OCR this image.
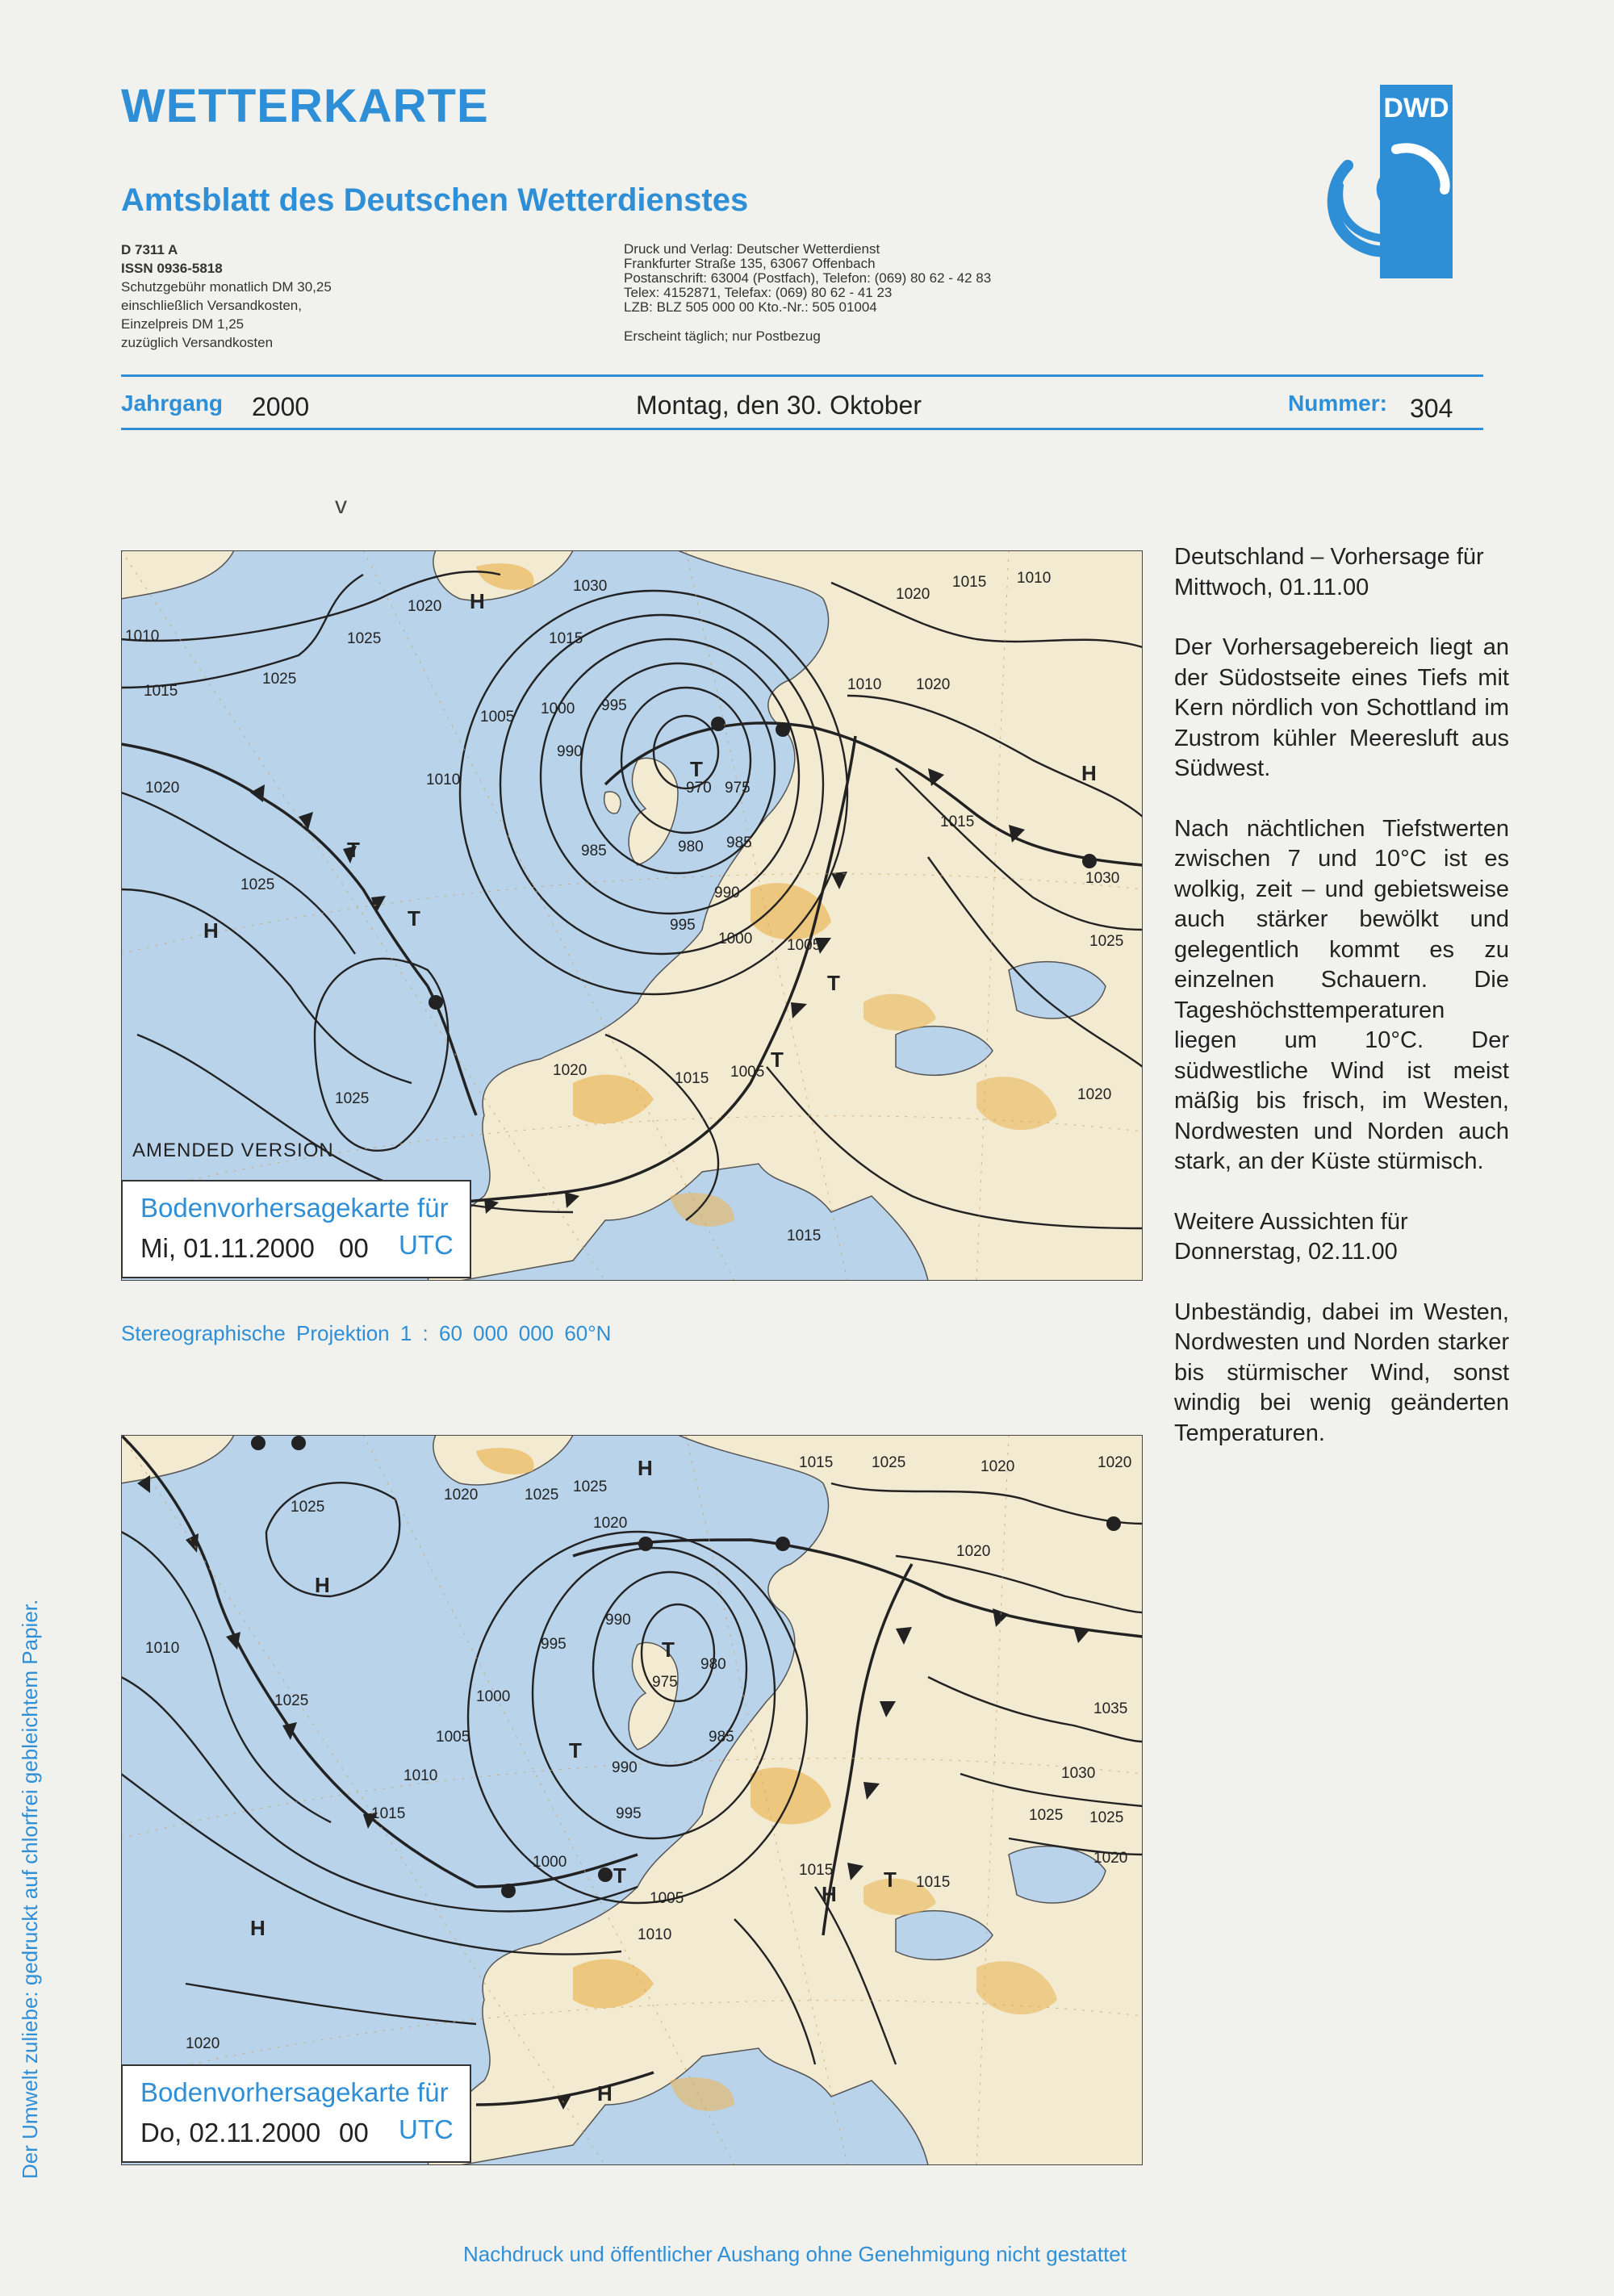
WETTERKARTE
Amtsblatt des Deutschen Wetterdienstes
D 7311 A
ISSN 0936-5818
Schutzgebühr monatlich DM 30,25
einschließlich Versandkosten,
Einzelpreis DM 1,25
zuzüglich Versandkosten
Druck und Verlag: Deutscher Wetterdienst
Frankfurter Straße 135, 63067 Offenbach
Postanschrift: 63004 (Postfach), Telefon: (069) 80 62 - 42 83
Telex: 4152871, Telefax: (069) 80 62 - 41 23
LZB: BLZ 505 000 00 Kto.-Nr.: 505 01004
Erscheint täglich; nur Postbezug
DWD
Jahrgang 2000	Montag, den 30. Oktober	Nummer: 304
v
1030	1020
1015 1010
1020
1010	1025	1015
1015
1025
1020
1005 1000 995
990
1010	970 975
985	980 985
990
995
1000 1005
1010 1020
1015
1030
1025
1020
1025
1020	1015 1005
1015
1025
H
H
H
T
T
T
T
T
AMENDED VERSION
Bodenvorhersagekarte für
Mi, 01.11.2000 00 UTC
Stereographische Projektion 1 : 60 000 000 60°N
1025
1020	1025 1025
1020
1010
1025
1015
1020
1015	1025	1020	1020
1020
990
995
980
975
1000
1005
1010
985
990
995
1000
1005
1010
1015
1015
1035
1030
1025 1025
1020
H
H
H
H
H
T
T
T	T
Bodenvorhersagekarte für
Do, 02.11.2000 00 UTC

Deutschland – Vorhersage für Mittwoch, 01.11.00

Der Vorhersagebereich liegt an der Südostseite eines Tiefs mit Kern nördlich von Schottland im Zustrom kühler Meeresluft aus Südwest.

Nach nächtlichen Tiefstwerten zwischen 7 und 10°C ist es wolkig, zeit – und gebietsweise auch stärker bewölkt und gelegentlich kommt es zu einzelnen Schauern. Die Tageshöchsttemperaturen liegen um 10°C. Der südwestliche Wind ist meist mäßig bis frisch, im Westen, Nordwesten und Norden auch stark, an der Küste stürmisch.

Weitere Aussichten für Donnerstag, 02.11.00

Unbeständig, dabei im Westen, Nordwesten und Norden starker bis stürmischer Wind, sonst windig bei wenig geänderten Temperaturen.

Der Umwelt zuliebe: gedruckt auf chlorfrei gebleichtem Papier.
Nachdruck und öffentlicher Aushang ohne Genehmigung nicht gestattet
